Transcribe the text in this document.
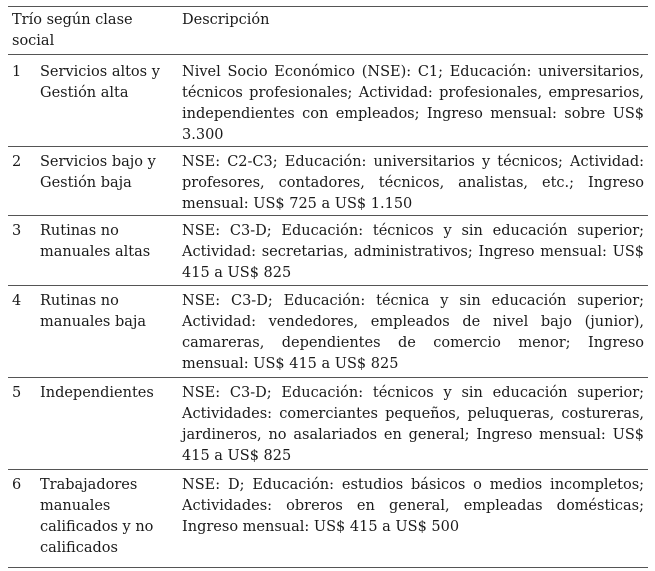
Trío según clase social		Descripción
1	Servicios altos y Gestión alta	Nivel Socio Económico (NSE): C1; Educación: universitarios, técnicos profesionales; Actividad: profesionales, empresarios, independientes con empleados; Ingreso mensual: sobre US$ 3.300
2	Servicios bajo y Gestión baja	NSE: C2-C3; Educación: universitarios y técnicos; Actividad: profesores, contadores, técnicos, analistas, etc.; Ingreso mensual: US$ 725 a US$ 1.150
3	Rutinas no manuales altas	NSE: C3-D; Educación: técnicos y sin educación superior; Actividad: secretarias, administrativos; Ingreso mensual: US$ 415 a US$ 825
4	Rutinas no manuales baja	NSE: C3-D; Educación: técnica y sin educación superior; Actividad: vendedores, empleados de nivel bajo (junior), camareras, dependientes de comercio menor; Ingreso mensual: US$ 415 a US$ 825
5	Independientes	NSE: C3-D; Educación: técnicos y sin educación superior; Actividades: comerciantes pequeños, peluqueras, costureras, jardineros, no asalariados en general; Ingreso mensual: US$ 415 a US$ 825
6	Trabajadores manuales calificados y no calificados	NSE: D; Educación: estudios básicos o medios incompletos; Actividades: obreros en general, empleadas domésticas; Ingreso mensual: US$ 415 a US$ 500
